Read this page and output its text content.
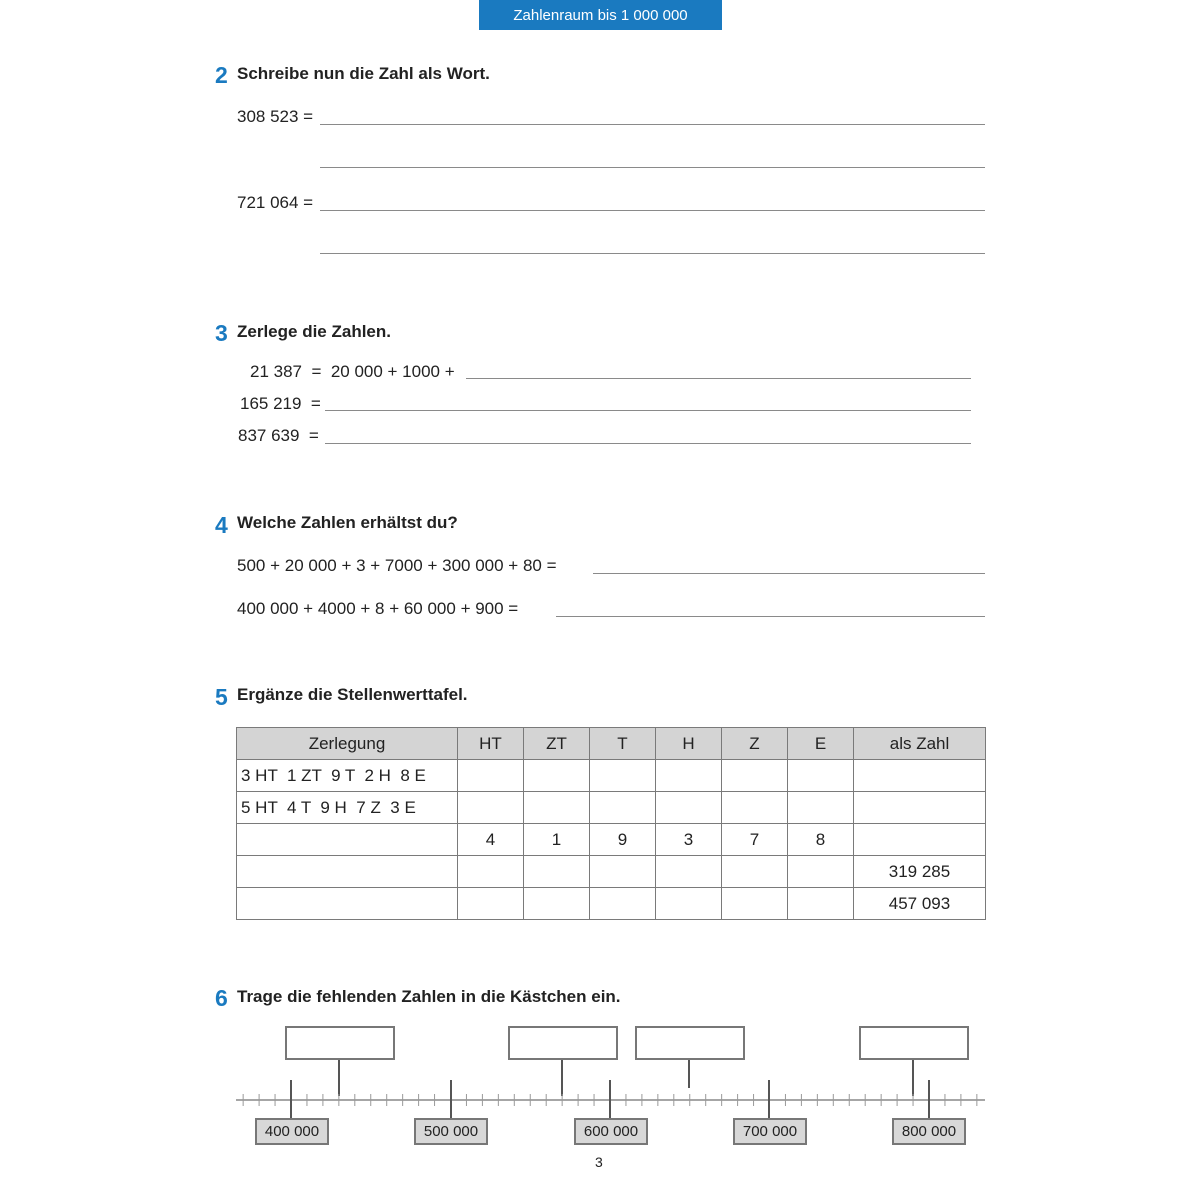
Zahlenraum bis 1 000 000
2 Schreibe nun die Zahl als Wort.
308 523 =
721 064 =
3 Zerlege die Zahlen.
21 387  =  20 000 + 1000 +
165 219  =
837 639  =
4 Welche Zahlen erhältst du?
500 + 20 000 + 3 + 7000 + 300 000 + 80 =
400 000 + 4000 + 8 + 60 000 + 900 =
5 Ergänze die Stellenwerttafel.
Zerlegung	HT	ZT	T	H	Z	E	als Zahl
3 HT  1 ZT  9 T  2 H  8 E							
5 HT  4 T  9 H  7 Z  3 E							
	4	1	9	3	7	8	
							319 285
							457 093
6 Trage die fehlenden Zahlen in die Kästchen ein.
400 000	500 000	600 000	700 000	800 000
3
